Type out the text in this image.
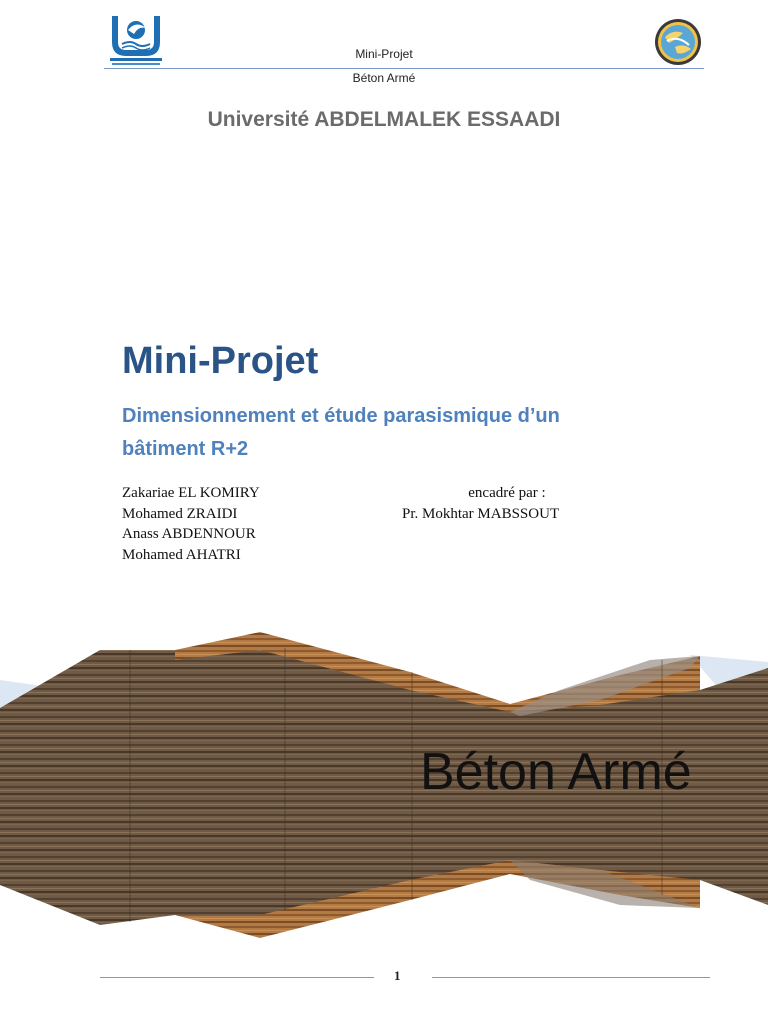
Mini-Projet
Béton Armé
Université ABDELMALEK ESSAADI
Mini-Projet
Dimensionnement et étude parasismique d’un bâtiment R+2
Zakariae EL KOMIRY
Mohamed ZRAIDI
Anass ABDENNOUR
Mohamed AHATRI
encadré par :
Pr. Mokhtar MABSSOUT
Béton Armé
1
